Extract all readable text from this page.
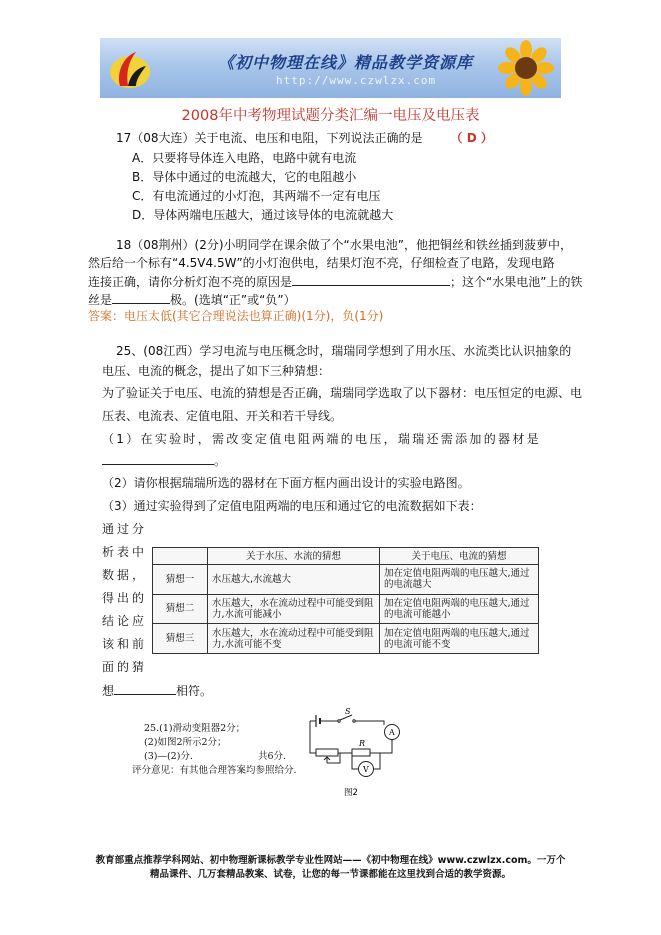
《初中物理在线》精品教学资源库
http://www.czwlzx.com
2008年中考物理试题分类汇编一电压及电压表
17（08大连）关于电流、电压和电阻，下列说法正确的是 （ D ）
A．只要将导体连入电路，电路中就有电流
B．导体中通过的电流越大，它的电阻越小
C．有电流通过的小灯泡，其两端不一定有电压
D．导体两端电压越大，通过该导体的电流就越大
18（08荆州）(2分)小明同学在课余做了个“水果电池”，他把铜丝和铁丝插到菠萝中，
然后给一个标有“4.5V4.5W”的小灯泡供电，结果灯泡不亮，仔细检查了电路，发现电路
连接正确，请你分析灯泡不亮的原因是	；这个“水果电池”上的铁
丝是	极。(选填“正”或“负”）
答案：电压太低(其它合理说法也算正确)(1分)，负(1分)
25、(08江西）学习电流与电压概念时，瑞瑞同学想到了用水压、水流类比认识抽象的
电压、电流的概念，提出了如下三种猜想：
为了验证关于电压、电流的猜想是否正确，瑞瑞同学选取了以下器材：电压恒定的电源、电
压表、电流表、定值电阻、开关和若干导线。
（1）在实验时，需改变定值电阻两端的电压，瑞瑞还需添加的器材是
。
（2）请你根据瑞瑞所选的器材在下面方框内画出设计的实验电路图。
（3）通过实验得到了定值电阻两端的电压和通过它的电流数据如下表：
通过分
析表中
数据，
得出的
结论应
该和前
面的猜
想	相符。
	关于水压、水流的猜想	关于电压、电流的猜想
猜想一	水压越大,水流越大	加在定值电阻两端的电压越大,通过的电流越大
猜想二	水压越大，水在流动过程中可能受到阻力,水流可能减小	加在定值电阻两端的电压越大,通过的电流可能越小
猜想三	水压越大，水在流动过程中可能受到阻力,水流可能不变	加在定值电阻两端的电压越大,通过的电流可能不变
25.(1)滑动变阻器2分；
(2)如图2所示2分；
(3)—(2)分.	共6分.
评分意见：有其他合理答案均参照给分.
S
R
A
V
图2
教育部重点推荐学科网站、初中物理新课标教学专业性网站——《初中物理在线》www.czwlzx.com。一万个
精品课件、几万套精品教案、试卷，让您的每一节课都能在这里找到合适的教学资源。
